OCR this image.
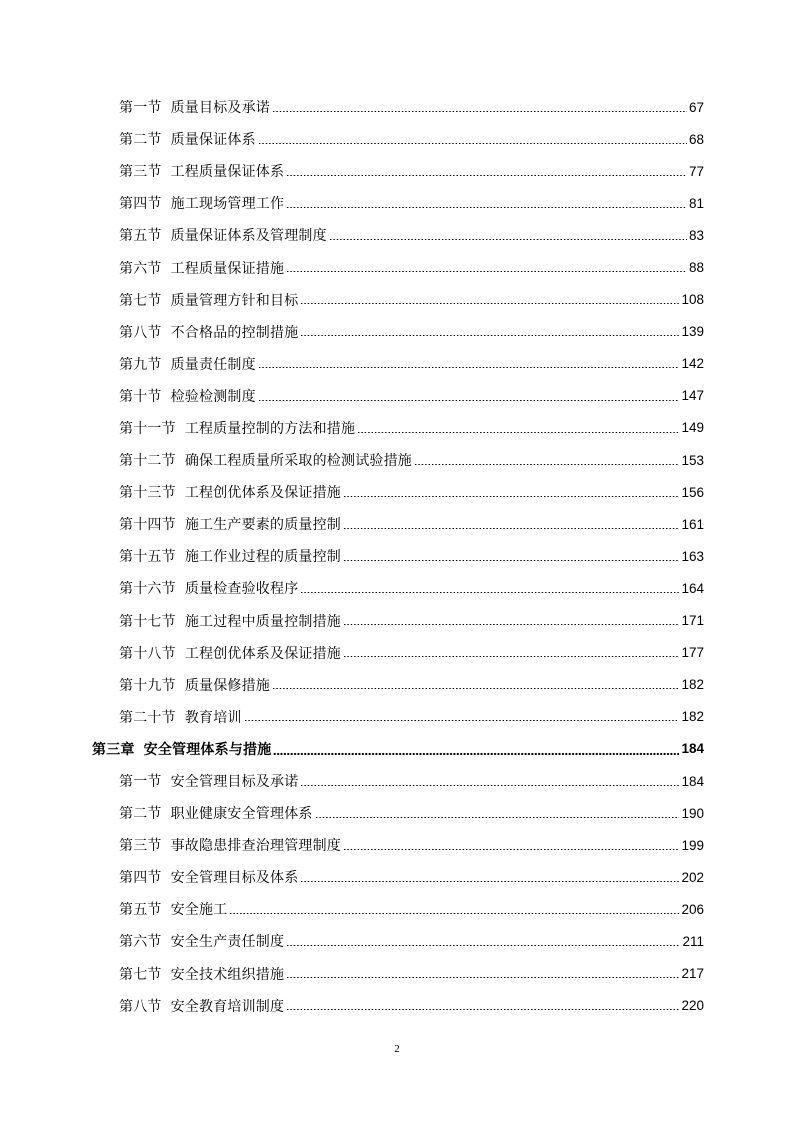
第一节 质量目标及承诺	67
第二节 质量保证体系	68
第三节 工程质量保证体系	77
第四节 施工现场管理工作	81
第五节 质量保证体系及管理制度	83
第六节 工程质量保证措施	88
第七节 质量管理方针和目标	108
第八节 不合格品的控制措施	139
第九节 质量责任制度	142
第十节 检验检测制度	147
第十一节 工程质量控制的方法和措施	149
第十二节 确保工程质量所采取的检测试验措施	153
第十三节 工程创优体系及保证措施	156
第十四节 施工生产要素的质量控制	161
第十五节 施工作业过程的质量控制	163
第十六节 质量检查验收程序	164
第十七节 施工过程中质量控制措施	171
第十八节 工程创优体系及保证措施	177
第十九节 质量保修措施	182
第二十节 教育培训	182
第三章 安全管理体系与措施	184
第一节 安全管理目标及承诺	184
第二节 职业健康安全管理体系	190
第三节 事故隐患排查治理管理制度	199
第四节 安全管理目标及体系	202
第五节 安全施工	206
第六节 安全生产责任制度	211
第七节 安全技术组织措施	217
第八节 安全教育培训制度	220
2
